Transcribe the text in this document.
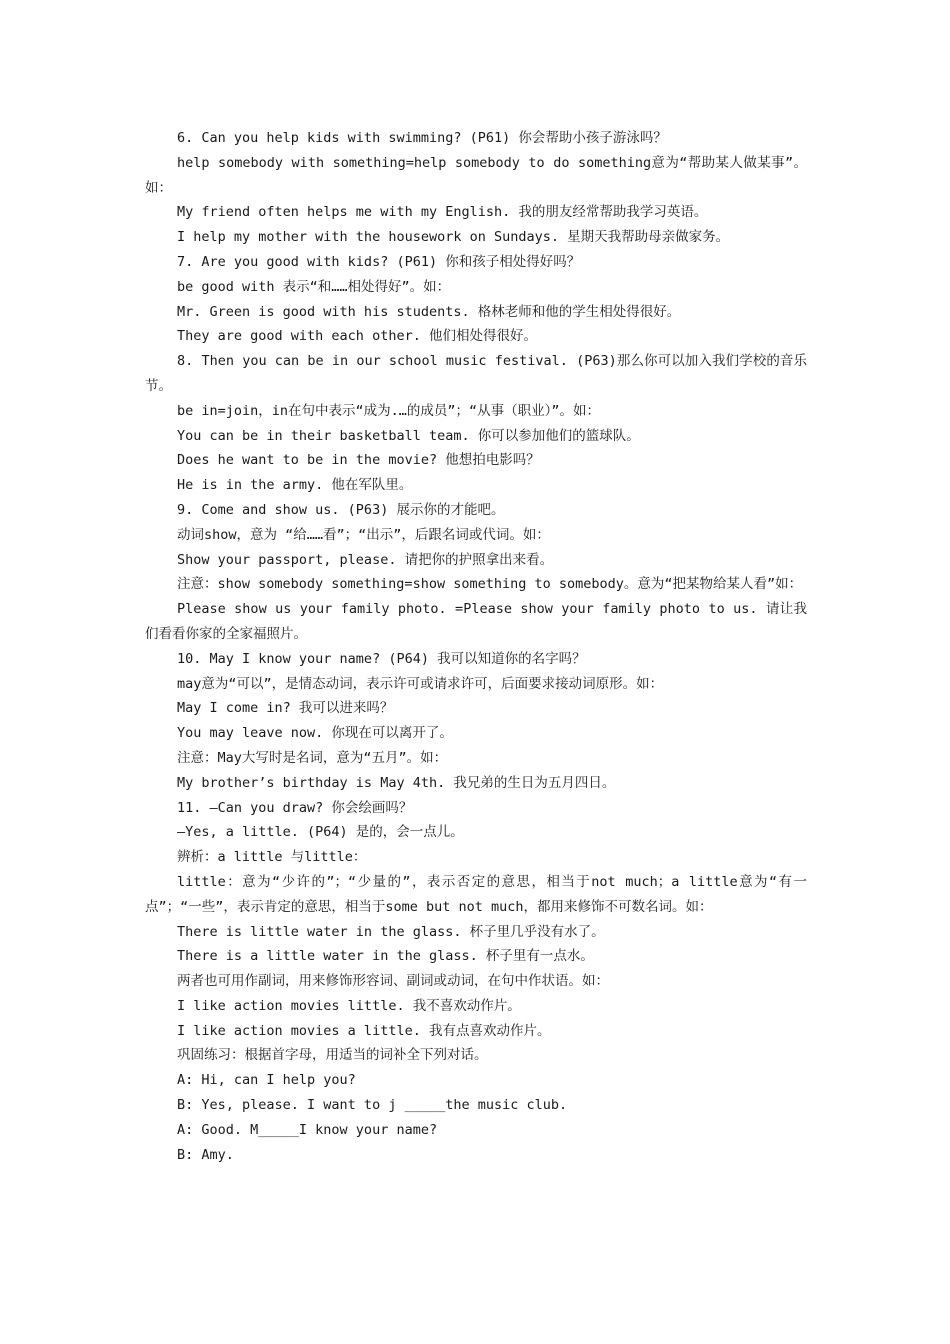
6. Can you help kids with swimming? (P61) 你会帮助小孩子游泳吗？

help somebody with something=help somebody to do something意为“帮助某人做某事”。如：

My friend often helps me with my English. 我的朋友经常帮助我学习英语。

I help my mother with the housework on Sundays. 星期天我帮助母亲做家务。

7. Are you good with kids? (P61) 你和孩子相处得好吗？

be good with 表示“和……相处得好”。如：

Mr. Green is good with his students. 格林老师和他的学生相处得很好。

They are good with each other. 他们相处得很好。

8. Then you can be in our school music festival. (P63)那么你可以加入我们学校的音乐节。

be in=join，in在句中表示“成为.…的成员”；“从事（职业）”。如：

You can be in their basketball team. 你可以参加他们的篮球队。

Does he want to be in the movie? 他想拍电影吗？

He is in the army. 他在军队里。

9. Come and show us. (P63) 展示你的才能吧。

动词show，意为 “给……看”；“出示”，后跟名词或代词。如：

Show your passport, please. 请把你的护照拿出来看。

注意：show somebody something=show something to somebody。意为“把某物给某人看”如：

Please show us your family photo. =Please show your family photo to us. 请让我们看看你家的全家福照片。

10. May I know your name? (P64) 我可以知道你的名字吗？

may意为“可以”，是情态动词，表示许可或请求许可，后面要求接动词原形。如：

May I come in? 我可以进来吗？

You may leave now. 你现在可以离开了。

注意：May大写时是名词，意为“五月”。如：

My brother’s birthday is May 4th. 我兄弟的生日为五月四日。

11. —Can you draw? 你会绘画吗？

—Yes, a little. (P64) 是的，会一点儿。

辨析：a little 与little：

little：意为“少许的”；“少量的”，表示否定的意思，相当于not much；a little意为“有一点”；“一些”，表示肯定的意思，相当于some but not much，都用来修饰不可数名词。如：

There is little water in the glass. 杯子里几乎没有水了。

There is a little water in the glass. 杯子里有一点水。

两者也可用作副词，用来修饰形容词、副词或动词，在句中作状语。如：

I like action movies little. 我不喜欢动作片。

I like action movies a little. 我有点喜欢动作片。

巩固练习：根据首字母，用适当的词补全下列对话。

A: Hi, can I help you?

B: Yes, please. I want to j _____the music club.

A: Good. M_____I know your name?

B: Amy.
